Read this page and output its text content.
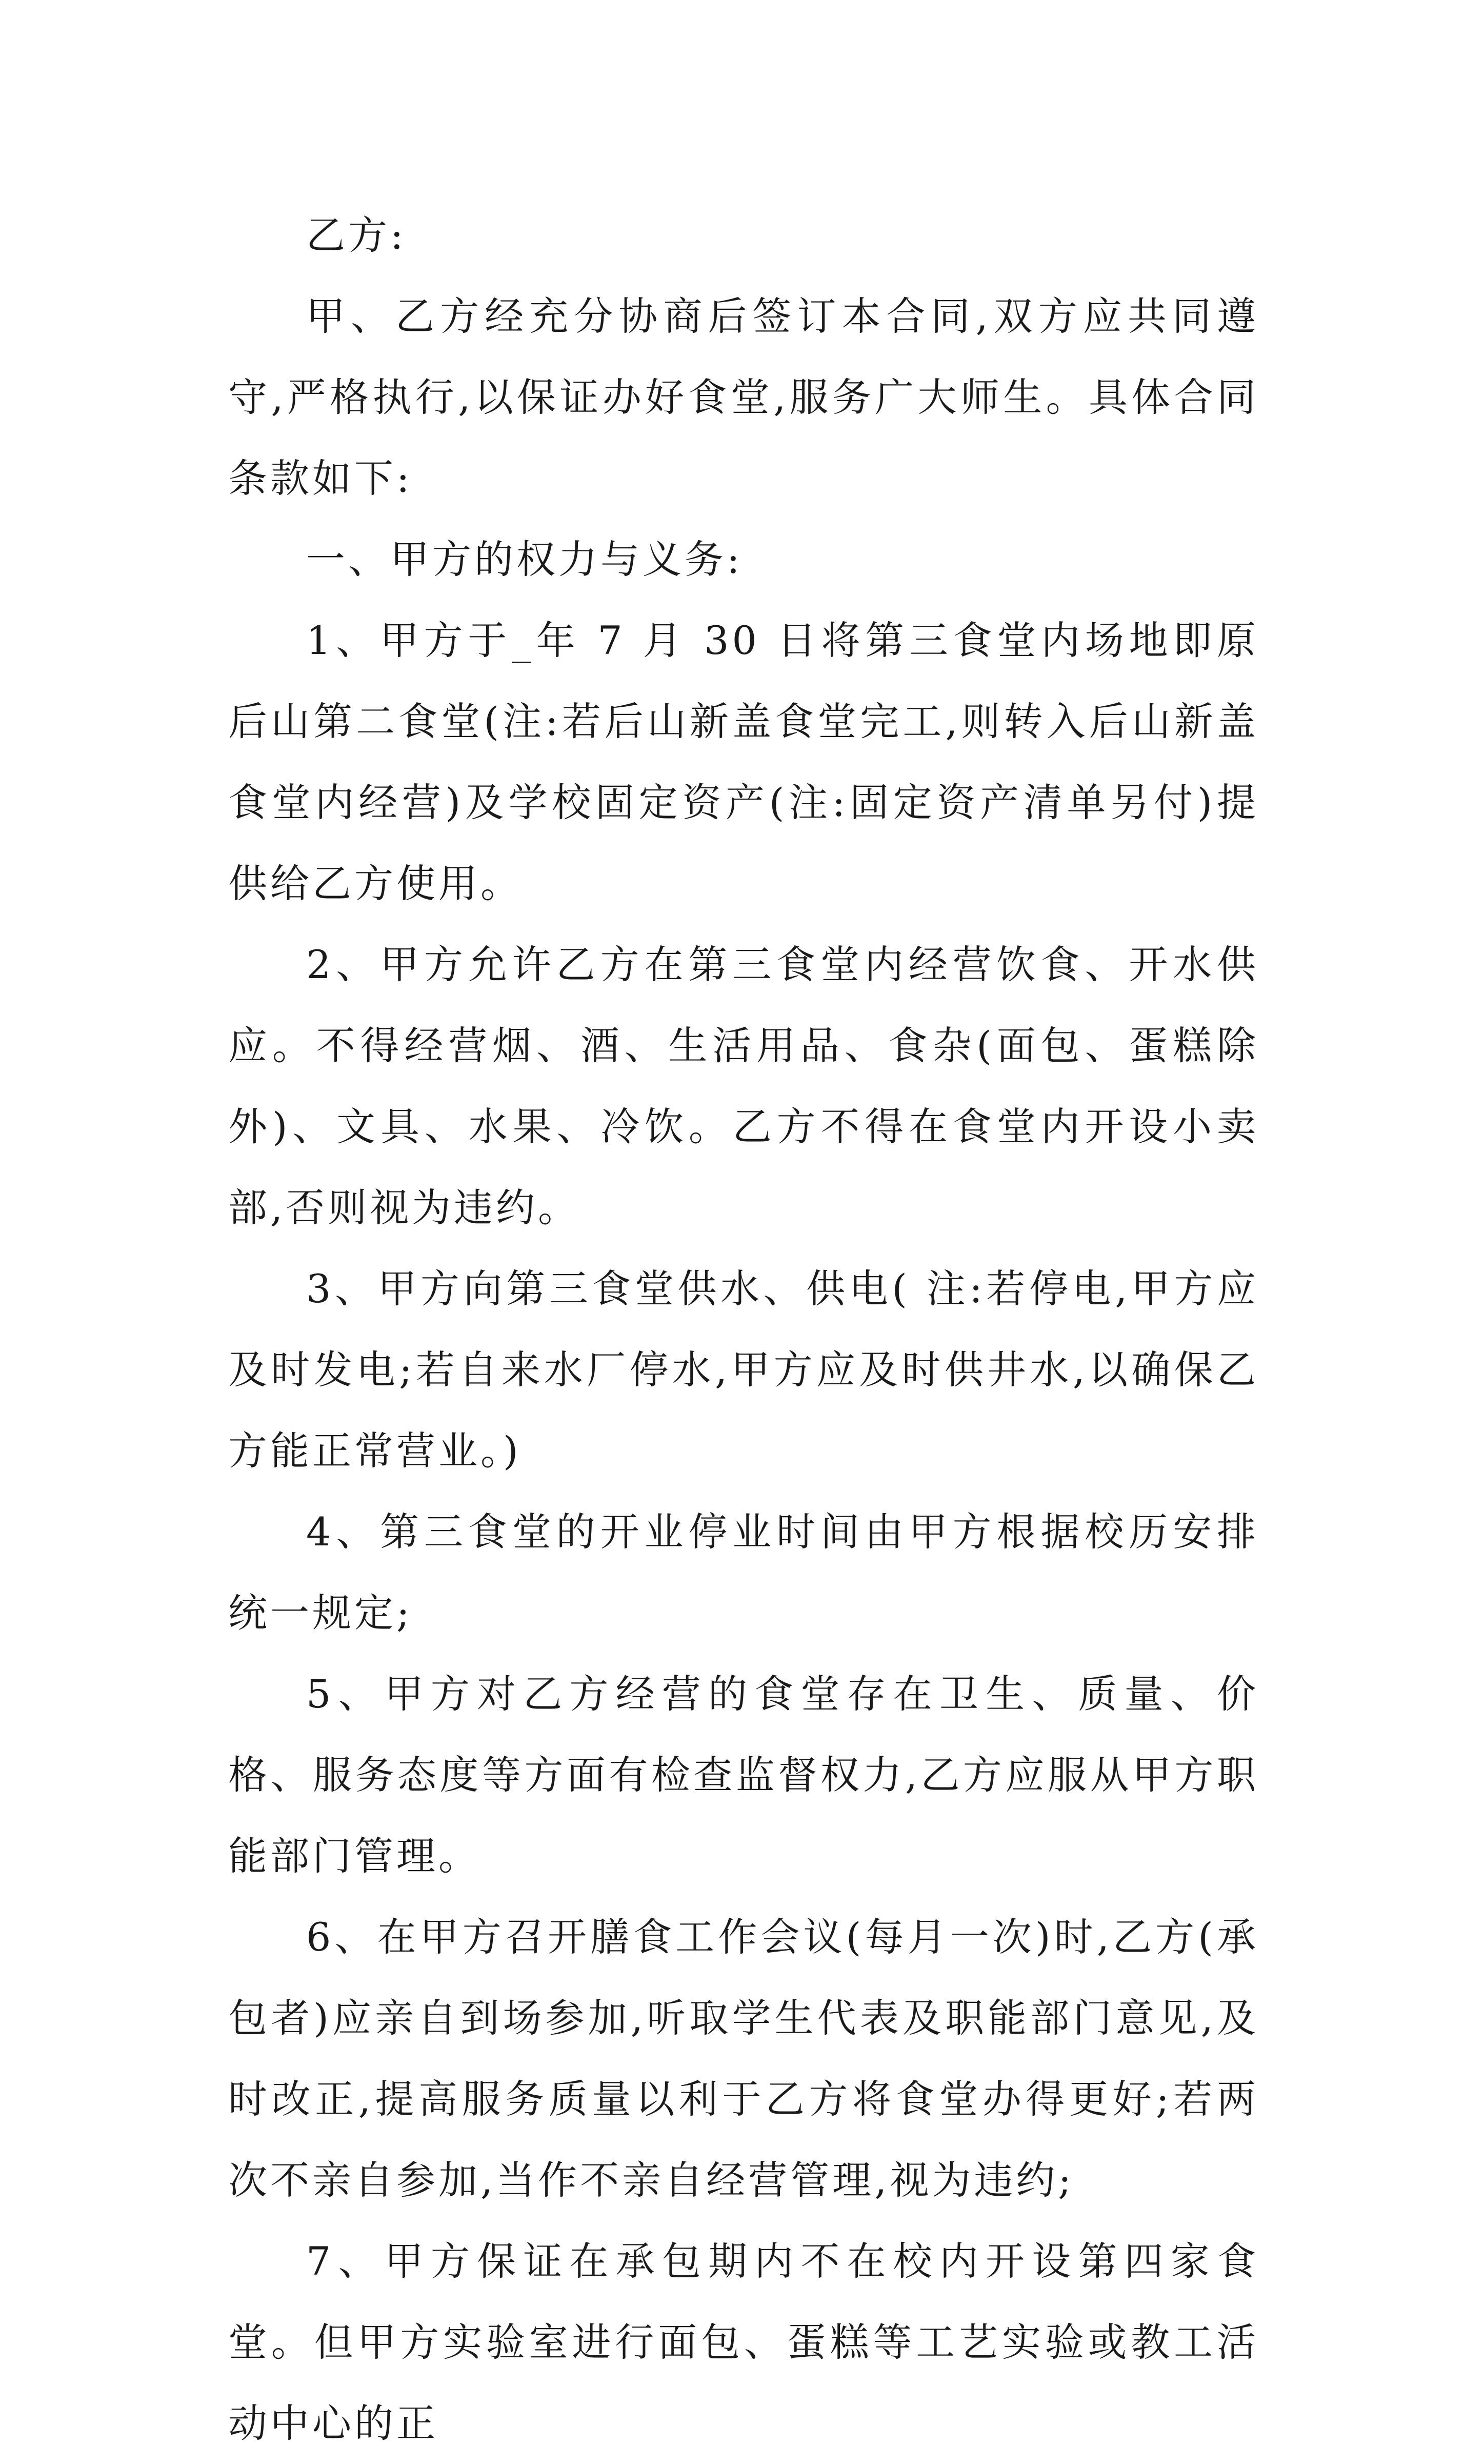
乙方:

甲、乙方经充分协商后签订本合同,双方应共同遵守,严格执行,以保证办好食堂,服务广大师生。具体合同条款如下:

一、甲方的权力与义务:

1、甲方于_年 7 月 30 日将第三食堂内场地即原后山第二食堂(注:若后山新盖食堂完工,则转入后山新盖食堂内经营)及学校固定资产(注:固定资产清单另付)提供给乙方使用。

2、甲方允许乙方在第三食堂内经营饮食、开水供应。不得经营烟、酒、生活用品、食杂(面包、蛋糕除外)、文具、水果、冷饮。乙方不得在食堂内开设小卖部,否则视为违约。

3、甲方向第三食堂供水、供电( 注:若停电,甲方应及时发电;若自来水厂停水,甲方应及时供井水,以确保乙方能正常营业。)

4、第三食堂的开业停业时间由甲方根据校历安排统一规定;

5、甲方对乙方经营的食堂存在卫生、质量、价格、服务态度等方面有检查监督权力,乙方应服从甲方职能部门管理。

6、在甲方召开膳食工作会议(每月一次)时,乙方(承包者)应亲自到场参加,听取学生代表及职能部门意见,及时改正,提高服务质量以利于乙方将食堂办得更好;若两次不亲自参加,当作不亲自经营管理,视为违约;

7、甲方保证在承包期内不在校内开设第四家食堂。但甲方实验室进行面包、蛋糕等工艺实验或教工活动中心的正
